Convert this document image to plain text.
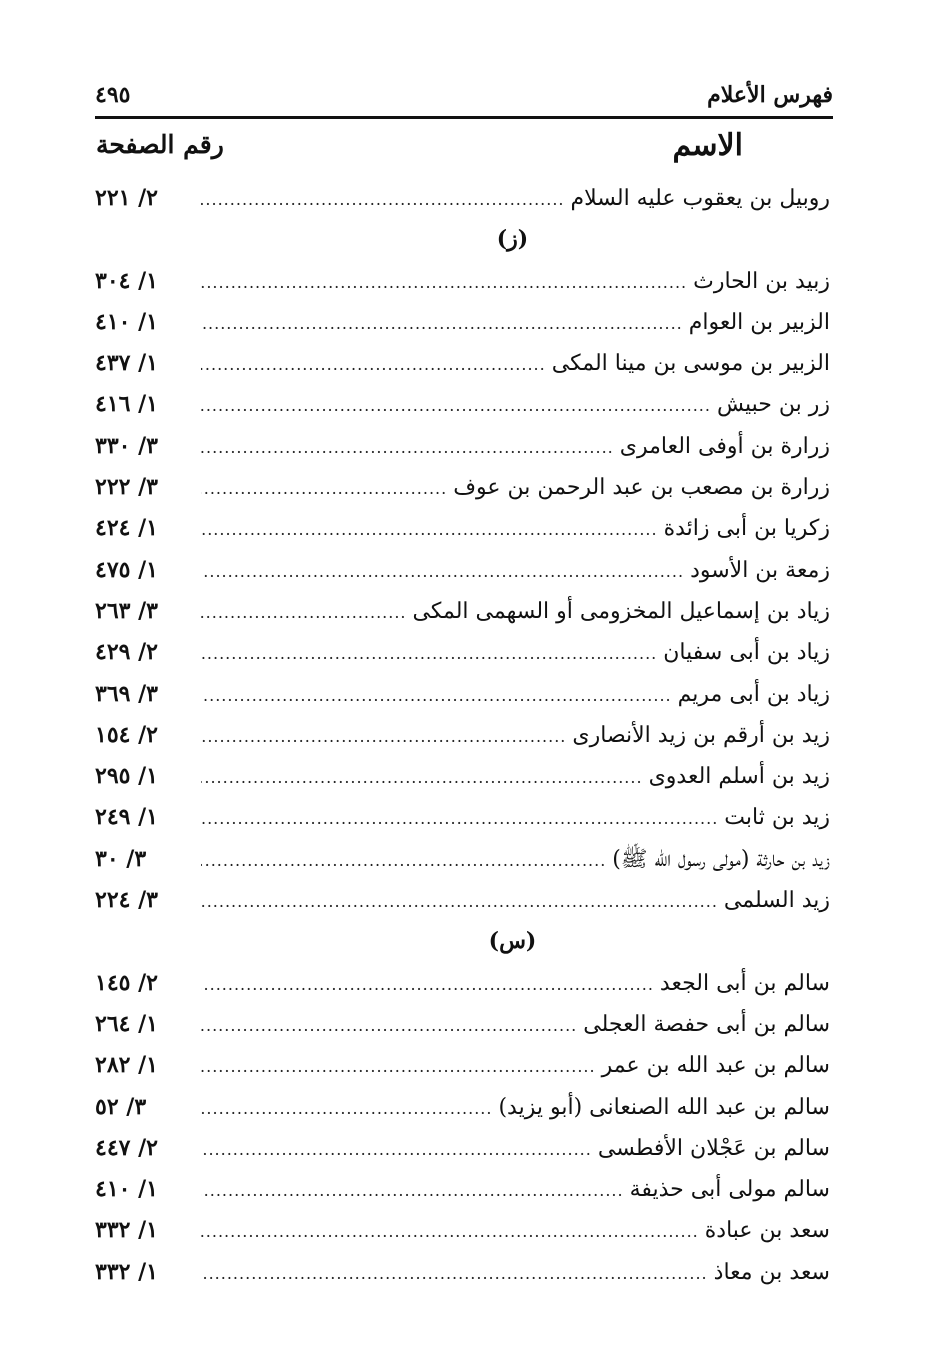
فهرس الأعلام
٤٩٥
الاسم
رقم الصفحة
روبيل بن يعقوب عليه السلام
.....
٢/ ٢٢١
(ز)
زبيد بن الحارث
.....
١/ ٣٠٤
الزبير بن العوام
.....
١/ ٤١٠
الزبير بن موسى بن مينا المكى
.....
١/ ٤٣٧
زر بن حبيش
.....
١/ ٤١٦
زرارة بن أوفى العامرى
.....
٣/ ٣٣٠
زرارة بن مصعب بن عبد الرحمن بن عوف
.....
٣/ ٢٢٢
زكريا بن أبى زائدة
.....
١/ ٤٢٤
زمعة بن الأسود
.....
١/ ٤٧٥
زياد بن إسماعيل المخزومى أو السهمى المكى
.....
٣/ ٢٦٣
زياد بن أبى سفيان
.....
٢/ ٤٢٩
زياد بن أبى مريم
.....
٣/ ٣٦٩
زيد بن أرقم بن زيد الأنصارى
.....
٢/ ١٥٤
زيد بن أسلم العدوى
.....
١/ ٢٩٥
زيد بن ثابت
.....
١/ ٢٤٩
زيد بن حارثة (مولى رسول الله ﷺ)
.....
٣/ ٣٠
زيد السلمى
.....
٣/ ٢٢٤
(س)
سالم بن أبى الجعد
.....
٢/ ١٤٥
سالم بن أبى حفصة العجلى
.....
١/ ٢٦٤
سالم بن عبد الله بن عمر
.....
١/ ٢٨٢
سالم بن عبد الله الصنعانى (أبو يزيد)
.....
٣/ ٥٢
سالم بن عَجْلان الأفطسى
.....
٢/ ٤٤٧
سالم مولى أبى حذيفة
.....
١/ ٤١٠
سعد بن عبادة
.....
١/ ٣٣٢
سعد بن معاذ
.....
١/ ٣٣٢
